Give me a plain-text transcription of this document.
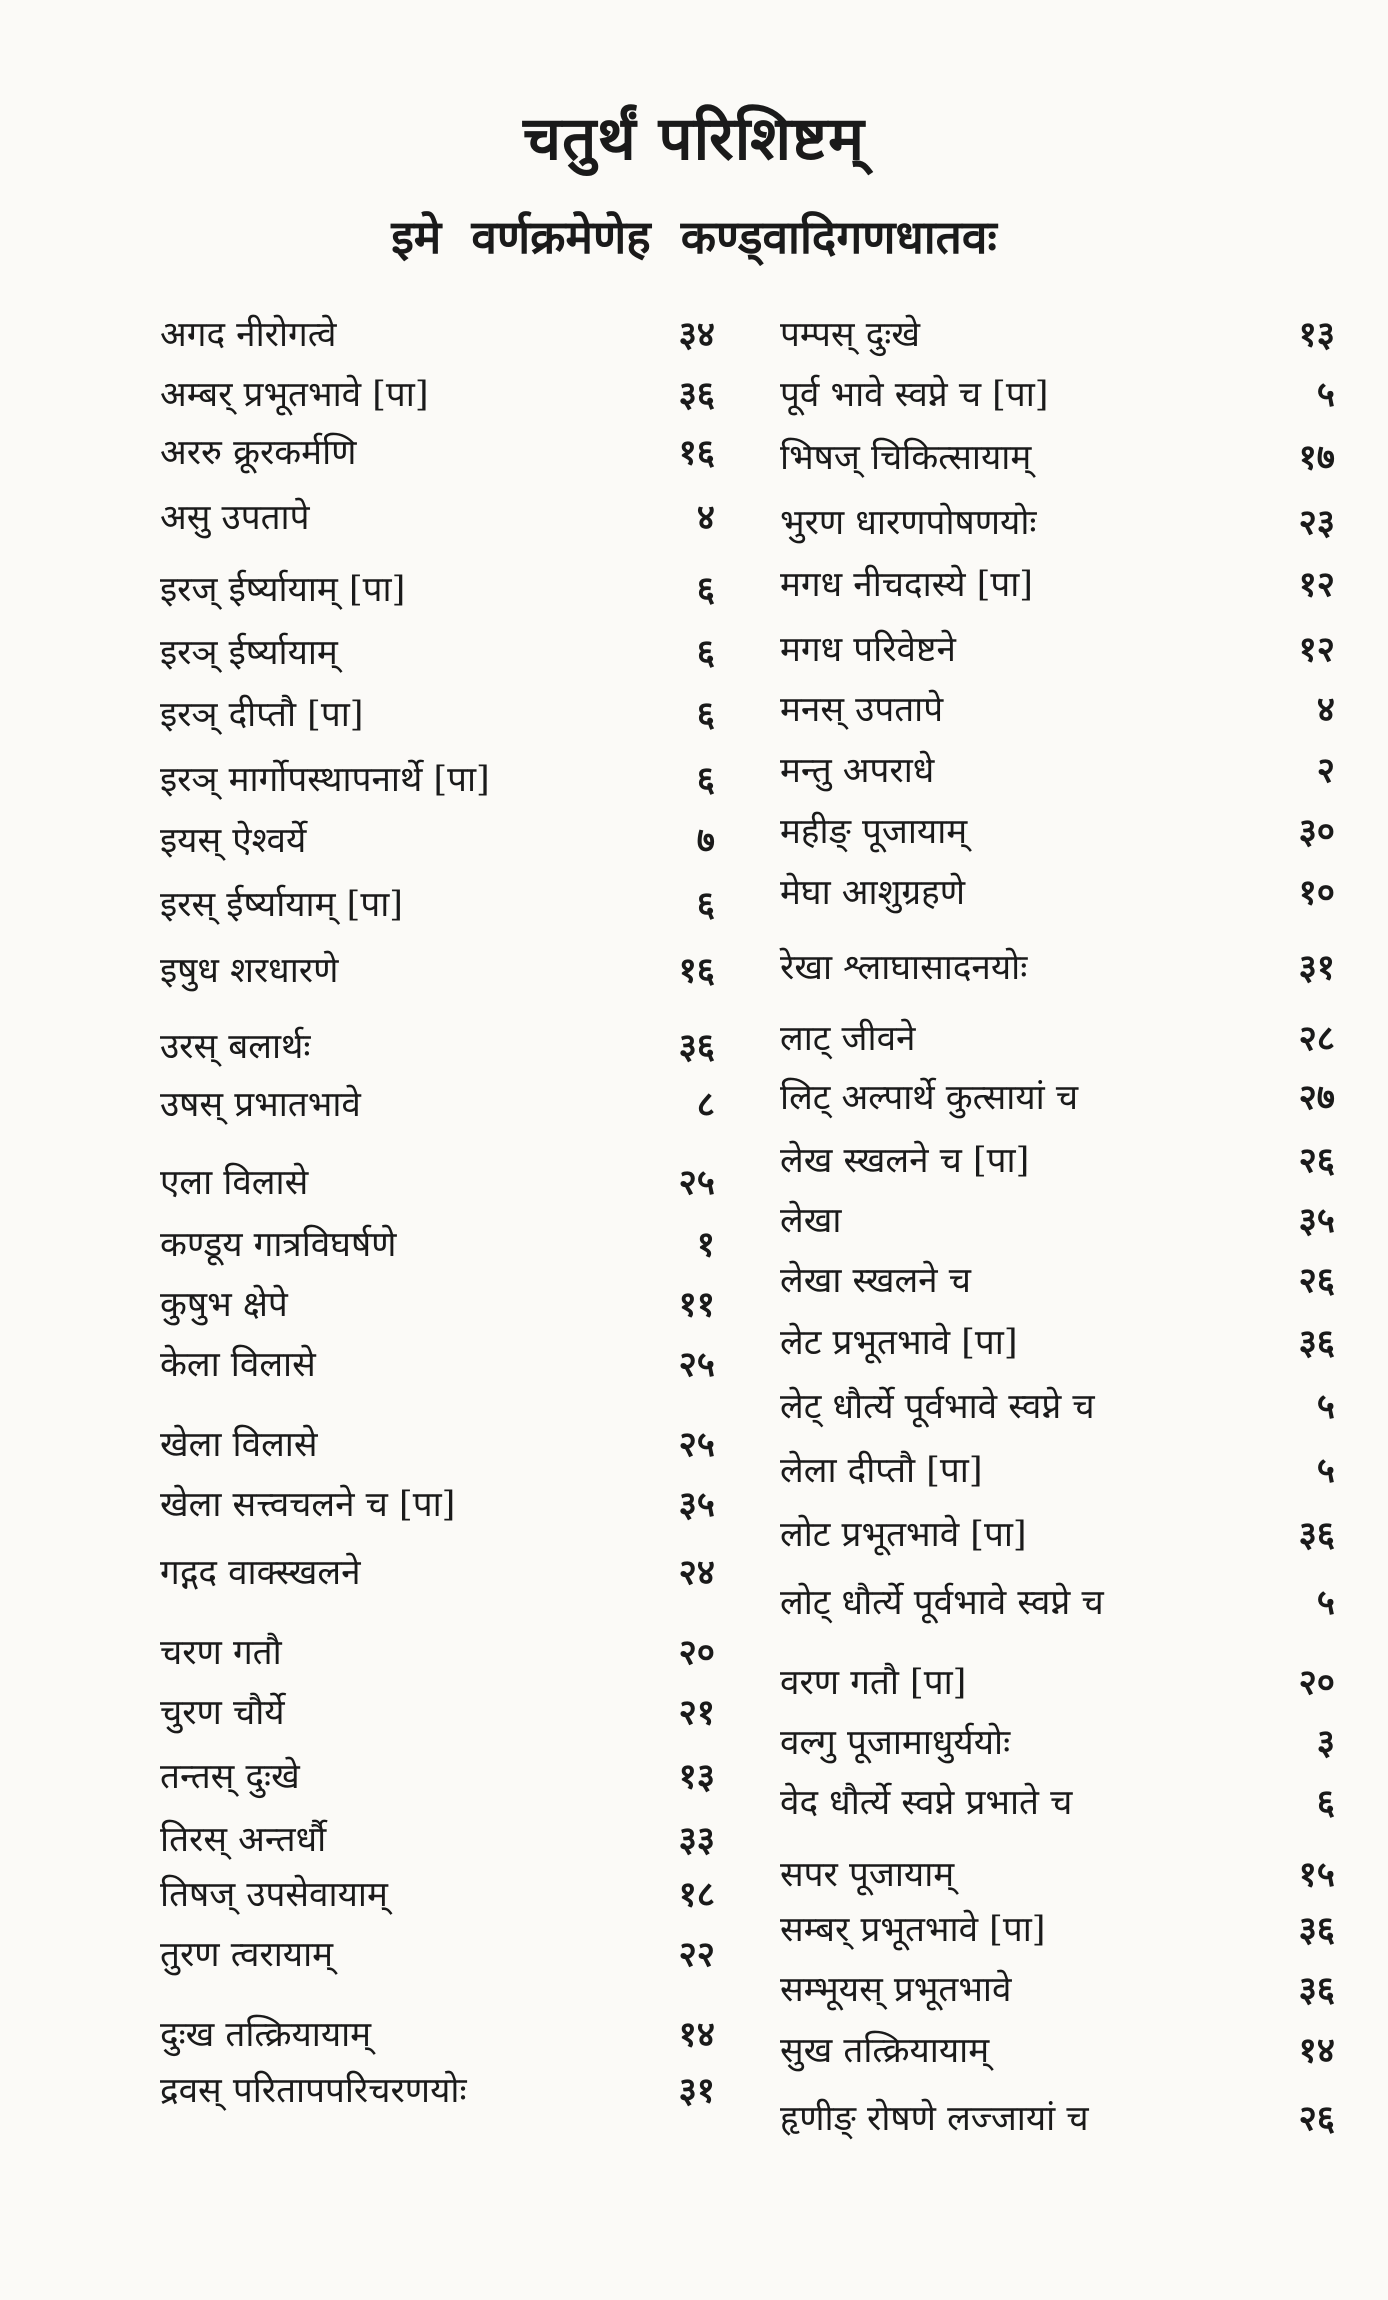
चतुर्थं परिशिष्टम्
इमे वर्णक्रमेणेह कण्ड्वादिगणधातवः
अगद नीरोगत्वे	३४
अम्बर् प्रभूतभावे [पा]	३६
अररु क्रूरकर्मणि	१६
असु उपतापे	४
इरज् ईर्ष्यायाम् [पा]	६
इरञ् ईर्ष्यायाम्	६
इरञ् दीप्तौ [पा]	६
इरञ् मार्गोपस्थापनार्थे [पा]	६
इयस् ऐश्वर्ये	७
इरस् ईर्ष्यायाम् [पा]	६
इषुध शरधारणे	१६
उरस् बलार्थः	३६
उषस् प्रभातभावे	८
एला विलासे	२५
कण्डूय गात्रविघर्षणे	१
कुषुभ क्षेपे	११
केला विलासे	२५
खेला विलासे	२५
खेला सत्त्वचलने च [पा]	३५
गद्गद वाक्स्खलने	२४
चरण गतौ	२०
चुरण चौर्ये	२१
तन्तस् दुःखे	१३
तिरस् अन्तर्धौ	३३
तिषज् उपसेवायाम्	१८
तुरण त्वरायाम्	२२
दुःख तत्क्रियायाम्	१४
द्रवस् परितापपरिचरणयोः	३१
पम्पस् दुःखे	१३
पूर्व भावे स्वप्ने च [पा]	५
भिषज् चिकित्सायाम्	१७
भुरण धारणपोषणयोः	२३
मगध नीचदास्ये [पा]	१२
मगध परिवेष्टने	१२
मनस् उपतापे	४
मन्तु अपराधे	२
महीङ् पूजायाम्	३०
मेघा आशुग्रहणे	१०
रेखा श्लाघासादनयोः	३१
लाट् जीवने	२८
लिट् अल्पार्थे कुत्सायां च	२७
लेख स्खलने च [पा]	२६
लेखा	३५
लेखा स्खलने च	२६
लेट प्रभूतभावे [पा]	३६
लेट् धौर्त्ये पूर्वभावे स्वप्ने च	५
लेला दीप्तौ [पा]	५
लोट प्रभूतभावे [पा]	३६
लोट् धौर्त्ये पूर्वभावे स्वप्ने च	५
वरण गतौ [पा]	२०
वल्गु पूजामाधुर्ययोः	३
वेद धौर्त्ये स्वप्ने प्रभाते च	६
सपर पूजायाम्	१५
सम्बर् प्रभूतभावे [पा]	३६
सम्भूयस् प्रभूतभावे	३६
सुख तत्क्रियायाम्	१४
हृणीङ् रोषणे लज्जायां च	२६
